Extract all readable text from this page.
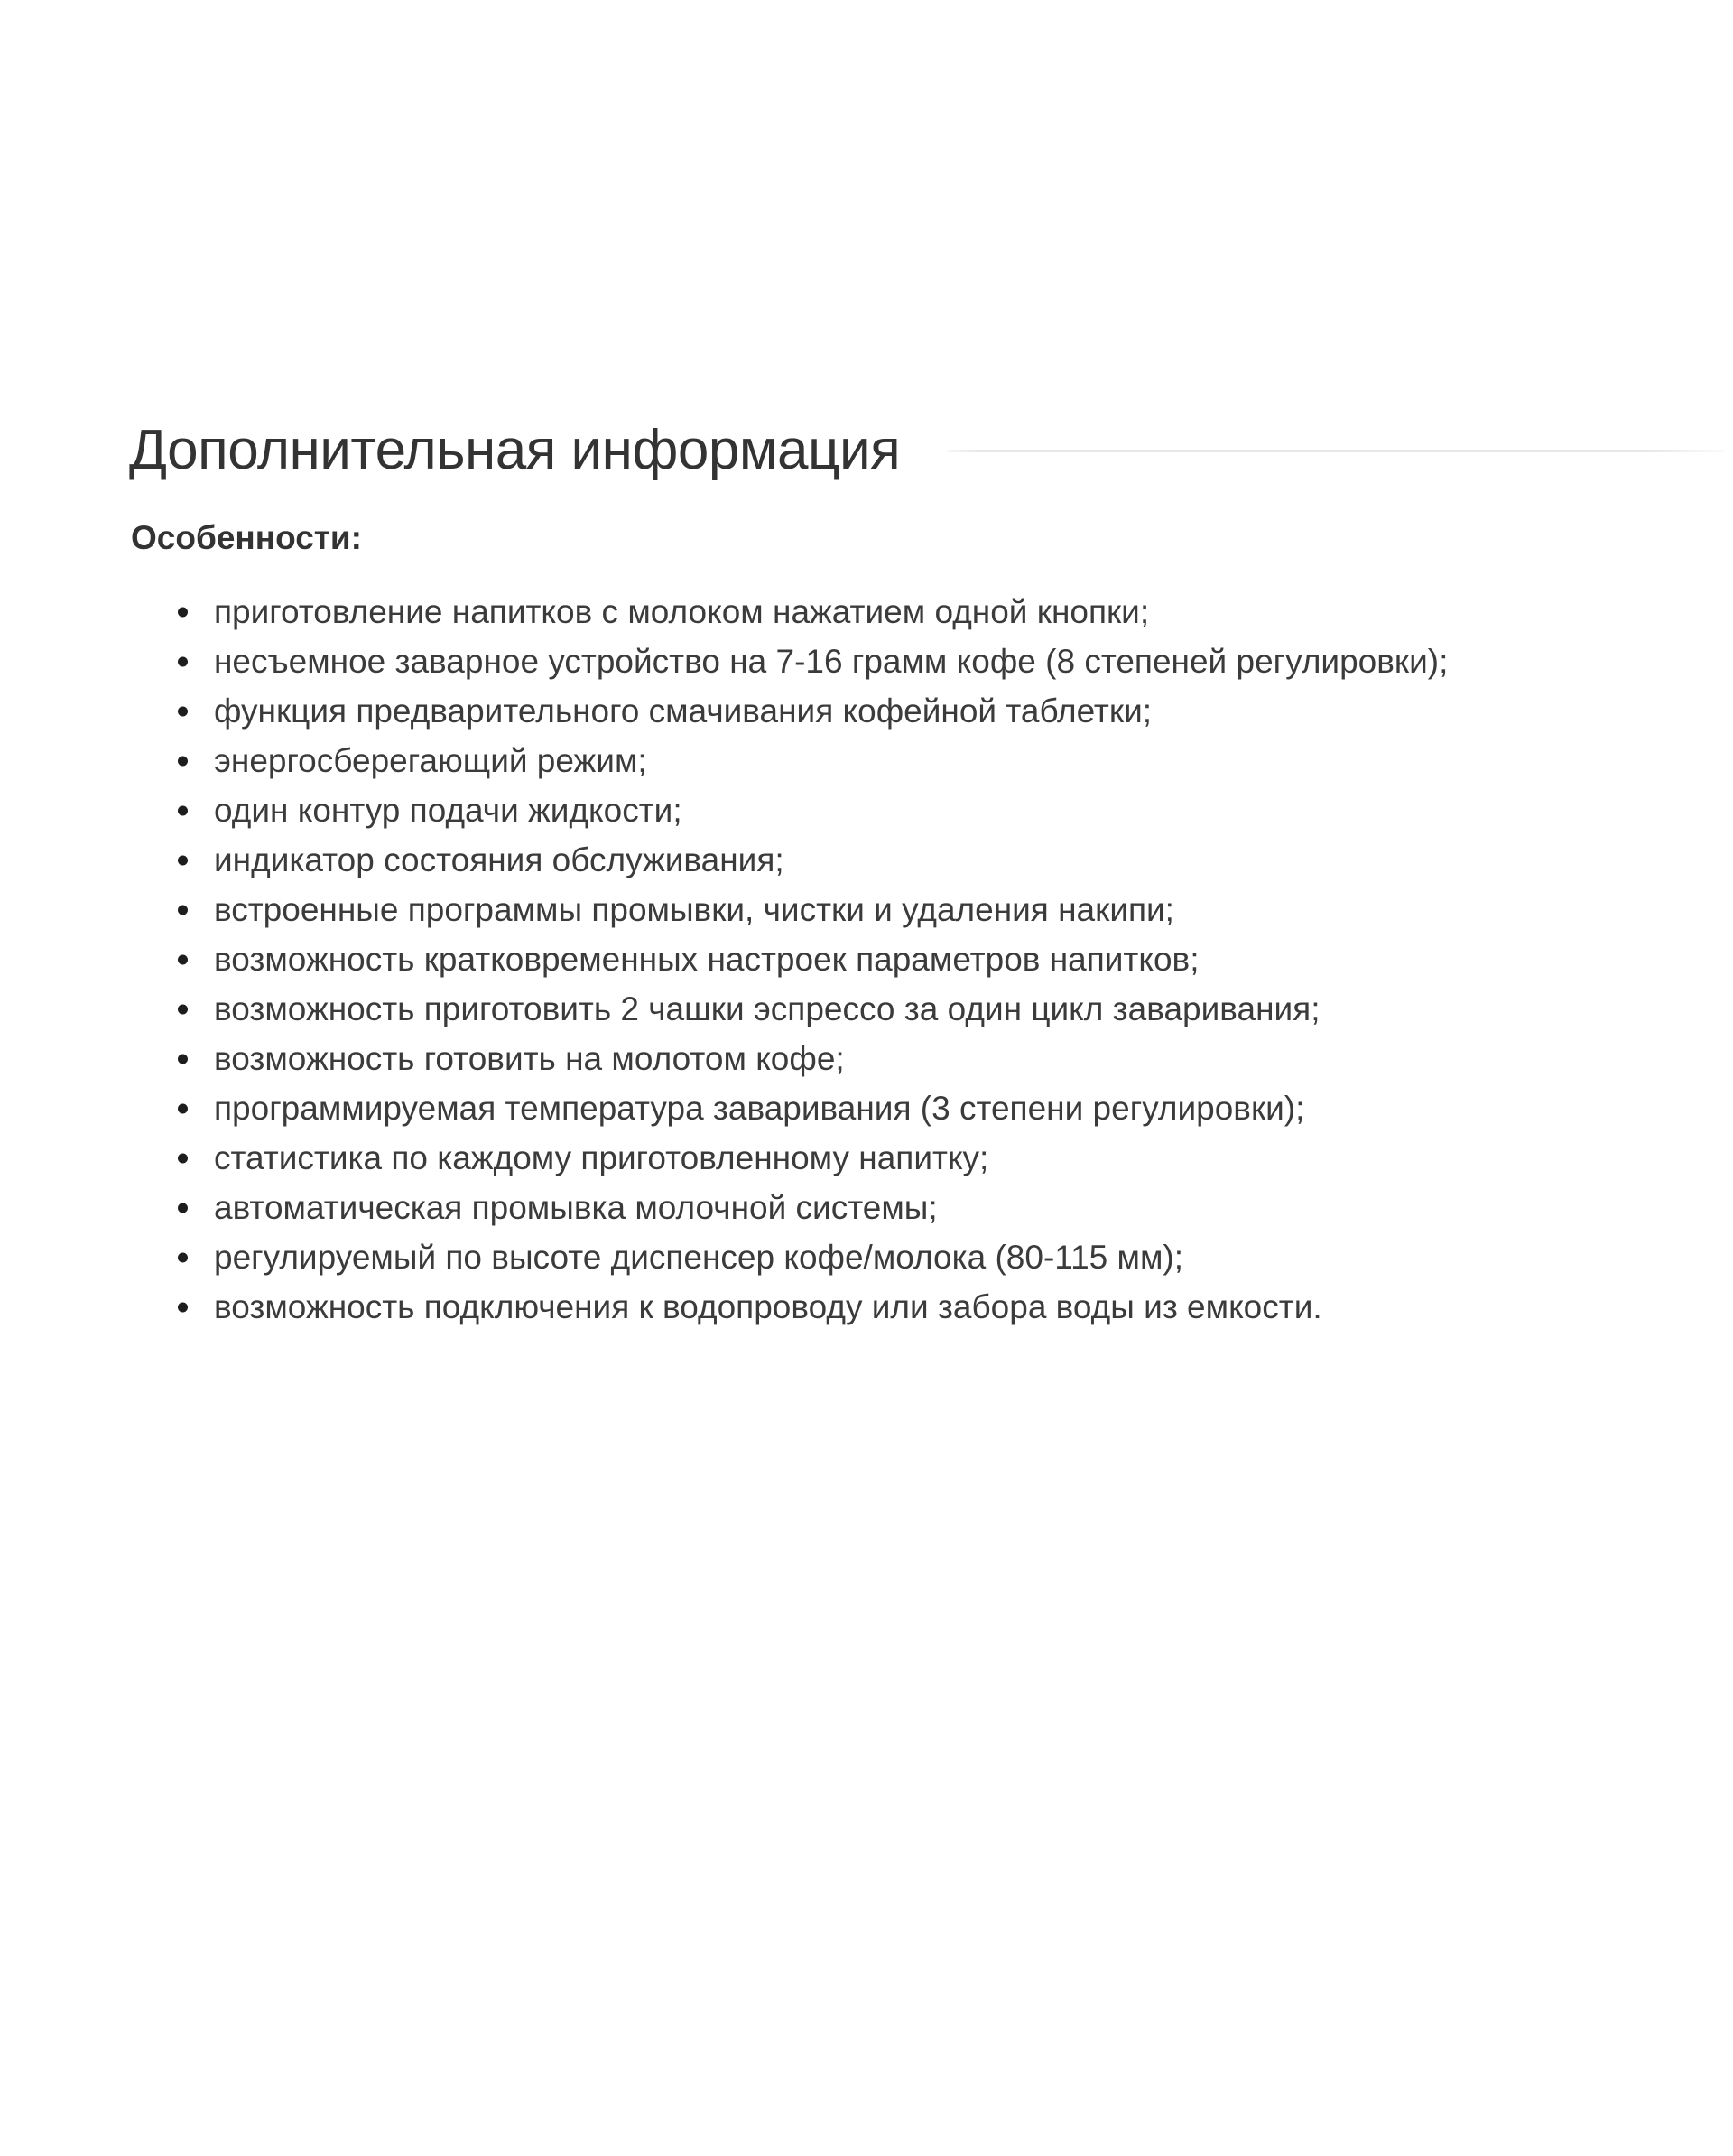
Дополнительная информация
Особенности:
приготовление напитков с молоком нажатием одной кнопки;
несъемное заварное устройство на 7-16 грамм кофе (8 степеней регулировки);
функция предварительного смачивания кофейной таблетки;
энергосберегающий режим;
один контур подачи жидкости;
индикатор состояния обслуживания;
встроенные программы промывки, чистки и удаления накипи;
возможность кратковременных настроек параметров напитков;
возможность приготовить 2 чашки эспрессо за один цикл заваривания;
возможность готовить на молотом кофе;
программируемая температура заваривания (3 степени регулировки);
статистика по каждому приготовленному напитку;
автоматическая промывка молочной системы;
регулируемый по высоте диспенсер кофе/молока (80-115 мм);
возможность подключения к водопроводу или забора воды из емкости.
